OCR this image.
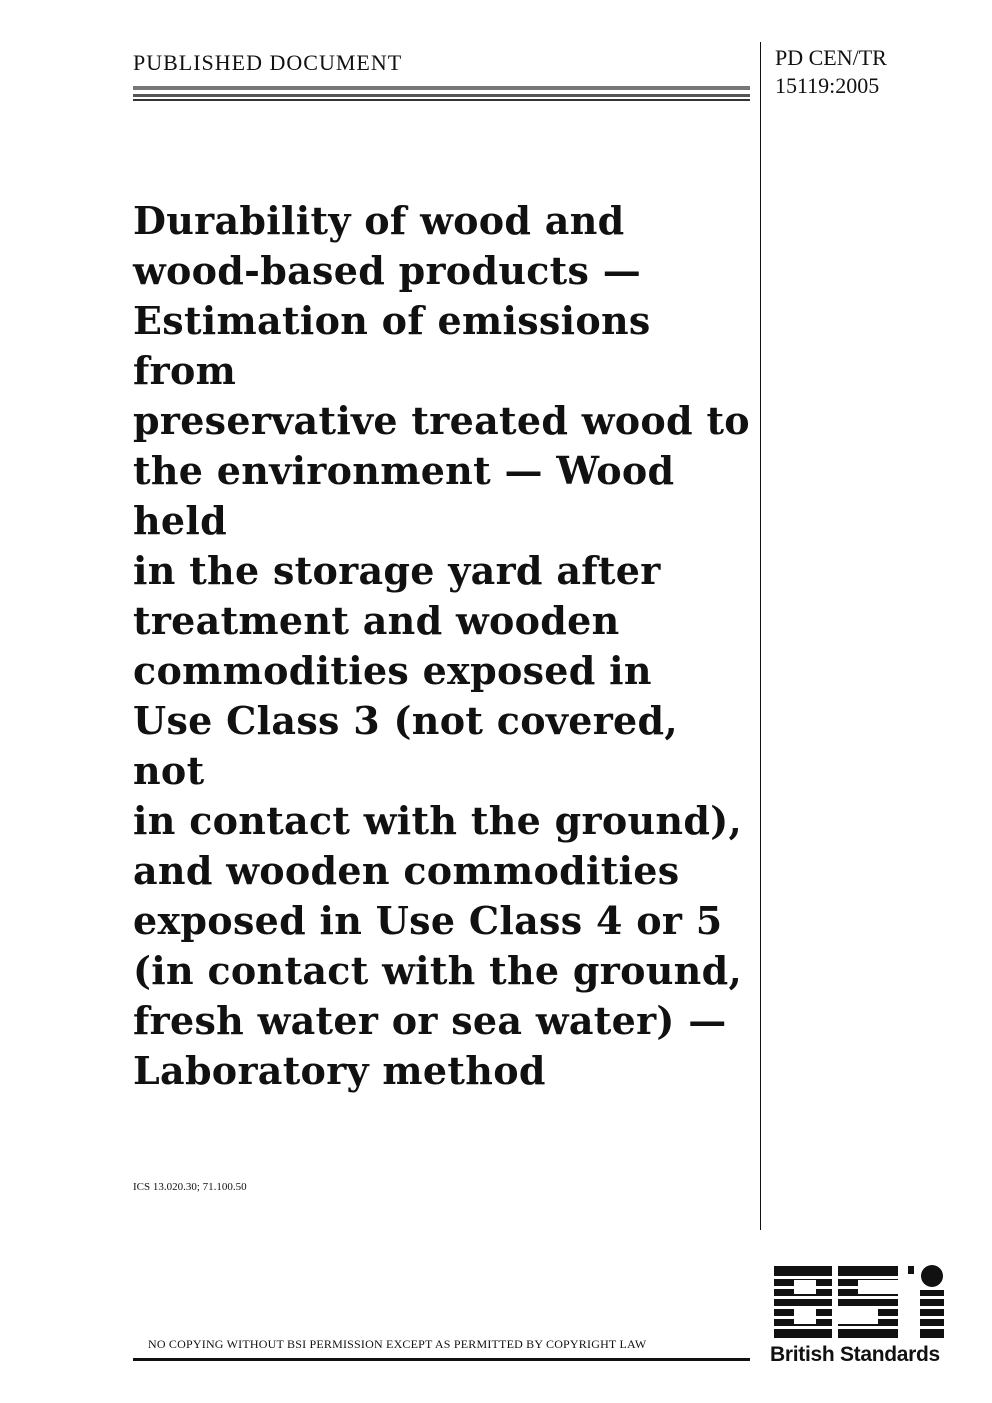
PUBLISHED DOCUMENT	PD CEN/TR
15119:2005
Durability of wood and
wood-based products —
Estimation of emissions from
preservative treated wood to
the environment — Wood held
in the storage yard after
treatment and wooden
commodities exposed in
Use Class 3 (not covered, not
in contact with the ground),
and wooden commodities
exposed in Use Class 4 or 5
(in contact with the ground,
fresh water or sea water) —
Laboratory method
ICS 13.020.30; 71.100.50
NO COPYING WITHOUT BSI PERMISSION EXCEPT AS PERMITTED BY COPYRIGHT LAW	British Standards
